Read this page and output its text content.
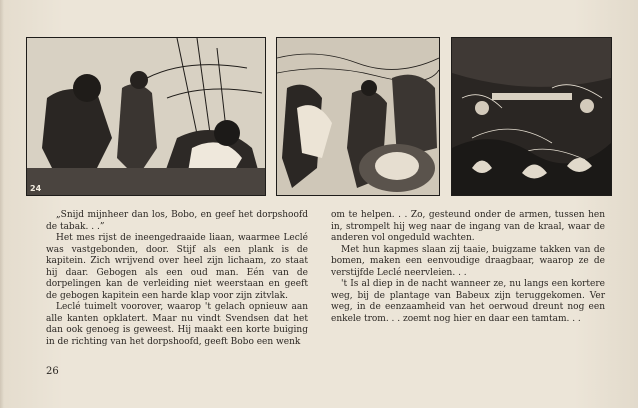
24

„Snijd mijnheer dan los, Bobo, en geef het dorpshoofd de tabak. . .”

Het mes rijst de ineengedraaide liaan, waarmee Leclé was vastgebonden, door. Stijf als een plank is de kapitein. Zich wrijvend over heel zijn lichaam, zo staat hij daar. Gebogen als een oud man. Eén van de dorpelingen kan de verleiding niet weerstaan en geeft de gebogen kapitein een harde klap voor zijn zitvlak.

Leclé tuimelt voorover, waarop 't gelach opnieuw aan alle kanten opklatert. Maar nu vindt Svendsen dat het dan ook genoeg is geweest. Hij maakt een korte buiging in de richting van het dorpshoofd, geeft Bobo een wenk

om te helpen. . . Zo, gesteund onder de armen, tussen hen in, strompelt hij weg naar de ingang van de kraal, waar de anderen vol ongeduld wachten.

Met hun kapmes slaan zij taaie, buigzame takken van de bomen, maken een eenvoudige draagbaar, waarop ze de verstijfde Leclé neervleien. . .

't Is al diep in de nacht wanneer ze, nu langs een kortere weg, bij de plantage van Babeux zijn teruggekomen. Ver weg, in de eenzaamheid van het oerwoud dreunt nog een enkele trom. . . zoemt nog hier en daar een tamtam. . .

26
